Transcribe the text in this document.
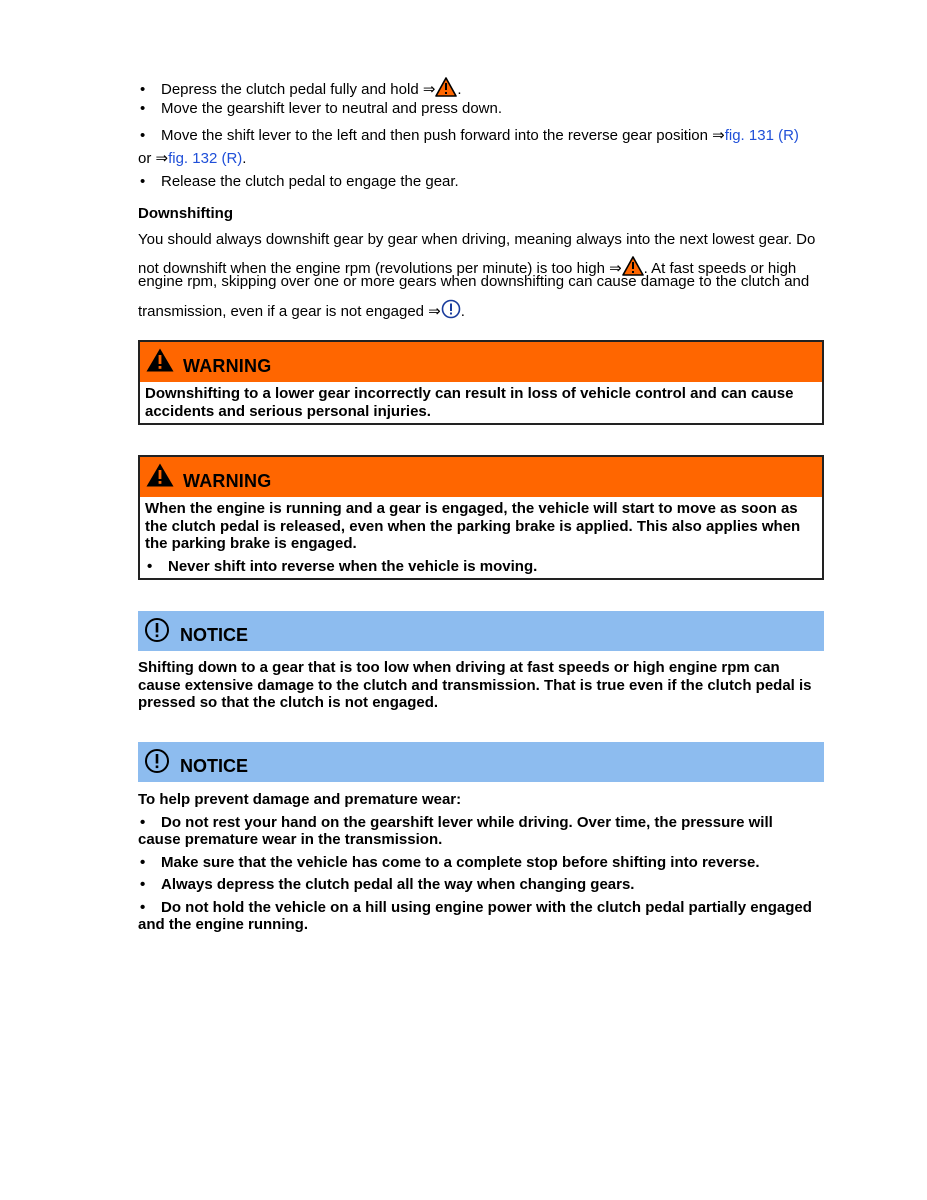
• Depress the clutch pedal fully and hold ⇒ .
• Move the gearshift lever to neutral and press down.
• Move the shift lever to the left and then push forward into the reverse gear position ⇒fig. 131 (R)
or ⇒fig. 132 (R).
• Release the clutch pedal to engage the gear.
Downshifting
You should always downshift gear by gear when driving, meaning always into the next lowest gear. Do
not downshift when the engine rpm (revolutions per minute) is too high ⇒ . At fast speeds or high
engine rpm, skipping over one or more gears when downshifting can cause damage to the clutch and
transmission, even if a gear is not engaged ⇒ .
WARNING
Downshifting to a lower gear incorrectly can result in loss of vehicle control and can cause
accidents and serious personal injuries.
WARNING
When the engine is running and a gear is engaged, the vehicle will start to move as soon as
the clutch pedal is released, even when the parking brake is applied. This also applies when
the parking brake is engaged.
• Never shift into reverse when the vehicle is moving.
NOTICE
Shifting down to a gear that is too low when driving at fast speeds or high engine rpm can
cause extensive damage to the clutch and transmission. That is true even if the clutch pedal is
pressed so that the clutch is not engaged.
NOTICE
To help prevent damage and premature wear:
• Do not rest your hand on the gearshift lever while driving. Over time, the pressure will
cause premature wear in the transmission.
• Make sure that the vehicle has come to a complete stop before shifting into reverse.
• Always depress the clutch pedal all the way when changing gears.
• Do not hold the vehicle on a hill using engine power with the clutch pedal partially engaged
and the engine running.
